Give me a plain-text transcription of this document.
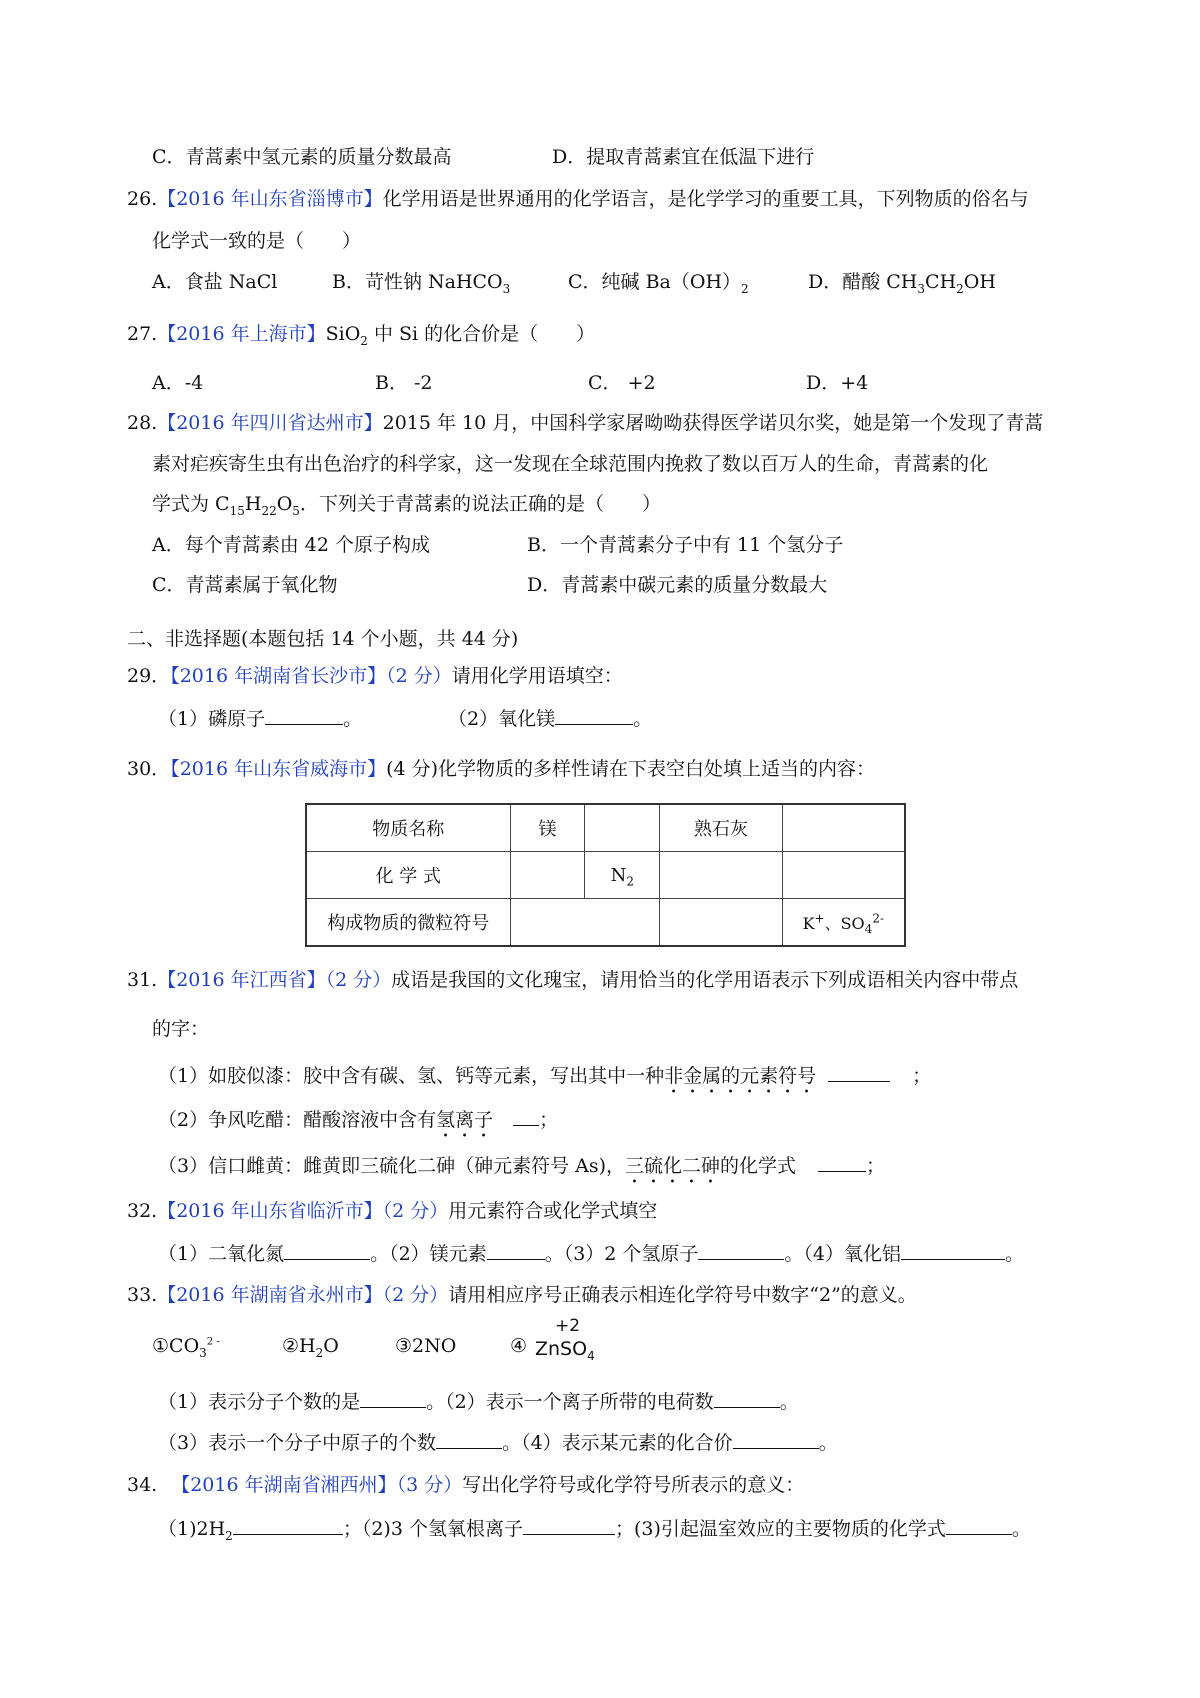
C．青蒿素中氢元素的质量分数最高	D．提取青蒿素宜在低温下进行
26.【2016 年山东省淄博市】化学用语是世界通用的化学语言，是化学学习的重要工具，下列物质的俗名与
化学式一致的是（　　）
A．食盐 NaCl	B．苛性钠 NaHCO$_3$	C．纯碱 $Ba(OH)_2$	D．醋酸 $CH_3CH_2OH$
27.【2016 年上海市】SiO$_2$ 中 Si 的化合价是（　　）
A．-4	B． -2	C． +2	D．+4
28.【2016 年四川省达州市】2015 年 10 月，中国科学家屠呦呦获得医学诺贝尔奖，她是第一个发现了青蒿
素对疟疾寄生虫有出色治疗的科学家，这一发现在全球范围内挽救了数以百万人的生命，青蒿素的化
学式为 $C_{15}H_{22}O_5$．下列关于青蒿素的说法正确的是（　　）
A．每个青蒿素由 42 个原子构成	B．一个青蒿素分子中有 11 个氢分子
C．青蒿素属于氧化物	D．青蒿素中碳元素的质量分数最大
二、非选择题(本题包括 14 个小题，共 44 分)
29．【2016 年湖南省长沙市】（2 分）请用化学用语填空：
（1）磷原子	。	（2）氧化镁	。
30．【2016 年山东省威海市】(4 分)化学物质的多样性请在下表空白处填上适当的内容：
物质名称	镁		熟石灰	
化 学 式		$N_2$		
构成物质的微粒符号				K+、$SO_4^{2-}$
31.【2016 年江西省】（2 分）成语是我国的文化瑰宝，请用恰当的化学用语表示下列成语相关内容中带点
的字：
（1）如胶似漆：胶中含有碳、氢、钙等元素，写出其中一种非金属的元素符号	；
（2）争风吃醋：醋酸溶液中含有氢离子 ；
（3）信口雌黄：雌黄即三硫化二砷（砷元素符号 As)，三硫化二砷的化学式	；
32.【2016 年山东省临沂市】（2 分）用元素符合或化学式填空
（1）二氧化氮	。（2）镁元素	。（3）2 个氢原子	。（4）氧化铝	。
33.【2016 年湖南省永州市】（2 分）请用相应序号正确表示相连化学符号中数字“2”的意义。
$①CO_3^{2 -}$	$②H_2O$	③2NO	④
+2
ZnSO$_4$
（1）表示分子个数的是	。（2）表示一个离子所带的电荷数	。
（3）表示一个分子中原子的个数	。（4）表示某元素的化合价	。
34. 【2016 年湖南省湘西州】（3 分）写出化学符号或化学符号所表示的意义：
$(1)2H_2$	；（2)3 个氢氧根离子	；(3)引起温室效应的主要物质的化学式	。
